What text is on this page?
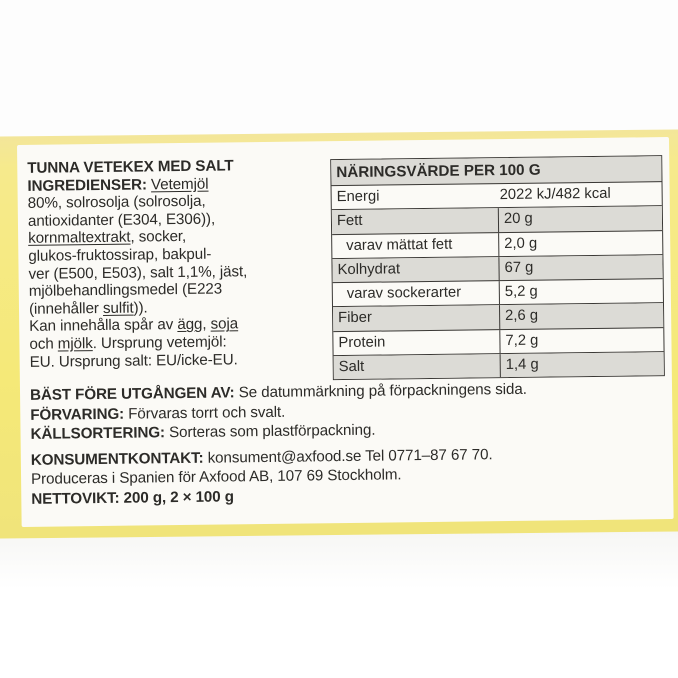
TUNNA VETEKEX MED SALT
INGREDIENSER: Vetemjöl
80%, solrosolja (solrosolja,
antioxidanter (E304, E306)),
kornmaltextrakt, socker,
glukos-fruktossirap, bakpul-
ver (E500, E503), salt 1,1%, jäst,
mjölbehandlingsmedel (E223
(innehåller sulfit)).
Kan innehålla spår av ägg, soja
och mjölk. Ursprung vetemjöl:
EU. Ursprung salt: EU/icke-EU.
NÄRINGSVÄRDE PER 100 G
Energi	2022 kJ/482 kcal
Fett	20 g
varav mättat fett	2,0 g
Kolhydrat	67 g
varav sockerarter	5,2 g
Fiber	2,6 g
Protein	7,2 g
Salt	1,4 g
BÄST FÖRE UTGÅNGEN AV: Se datummärkning på förpackningens sida.
FÖRVARING: Förvaras torrt och svalt.
KÄLLSORTERING: Sorteras som plastförpackning.
KONSUMENTKONTAKT: konsument@axfood.se Tel 0771–87 67 70.
Produceras i Spanien för Axfood AB, 107 69 Stockholm.
NETTOVIKT: 200 g, 2 × 100 g
